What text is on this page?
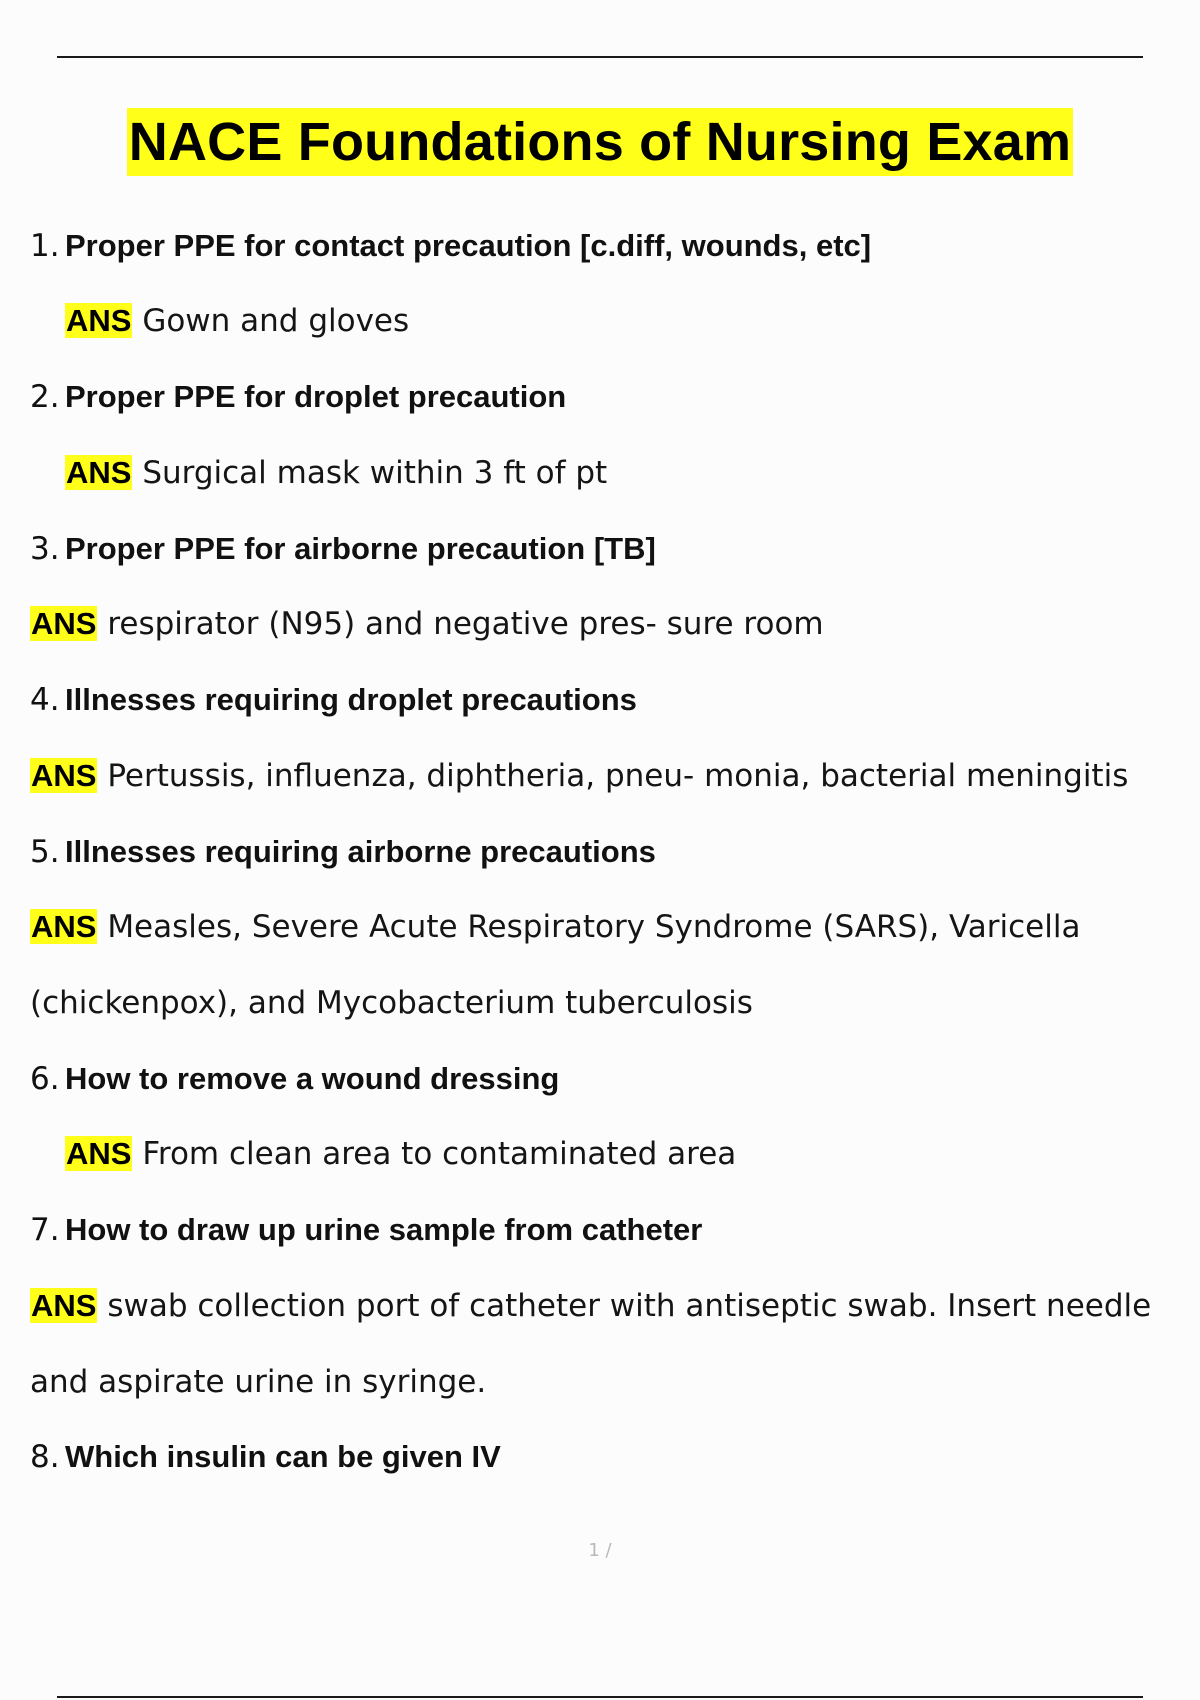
NACE Foundations of Nursing Exam
1. Proper PPE for contact precaution [c.diff, wounds, etc]
ANS Gown and gloves
2. Proper PPE for droplet precaution
ANS Surgical mask within 3 ft of pt
3. Proper PPE for airborne precaution [TB]
ANS respirator (N95) and negative pres- sure room
4. Illnesses requiring droplet precautions
ANS Pertussis, influenza, diphtheria, pneu- monia, bacterial meningitis
5. Illnesses requiring airborne precautions
ANS Measles, Severe Acute Respiratory Syndrome (SARS), Varicella
(chickenpox), and Mycobacterium tuberculosis
6. How to remove a wound dressing
ANS From clean area to contaminated area
7. How to draw up urine sample from catheter
ANS swab collection port of catheter with antiseptic swab. Insert needle
and aspirate urine in syringe.
8. Which insulin can be given IV
1 /
